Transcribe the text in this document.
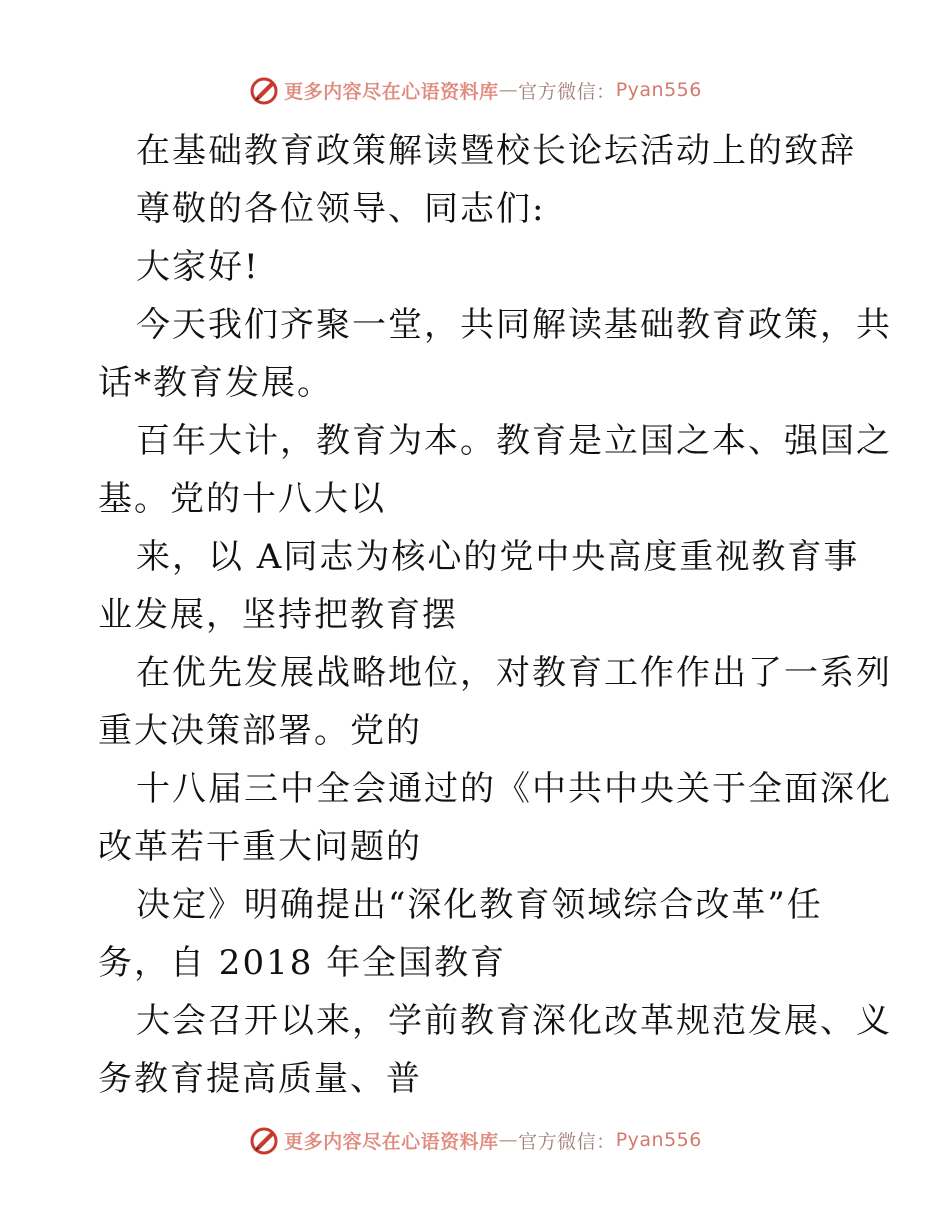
更多内容尽在心语资料库 — 官方微信： Pyan556
在基础教育政策解读暨校长论坛活动上的致辞
尊敬的各位领导、同志们:
大家好!
今天我们齐聚一堂，共同解读基础教育政策，共
话*教育发展。
百年大计，教育为本。教育是立国之本、强国之
基。党的十八大以
来，以 A同志为核心的党中央高度重视教育事
业发展，坚持把教育摆
在优先发展战略地位，对教育工作作出了一系列
重大决策部署。党的
十八届三中全会通过的《中共中央关于全面深化
改革若干重大问题的
决定》明确提出“深化教育领域综合改革”任
务，自 2018 年全国教育
大会召开以来，学前教育深化改革规范发展、义
务教育提高质量、普
更多内容尽在心语资料库 — 官方微信： Pyan556
